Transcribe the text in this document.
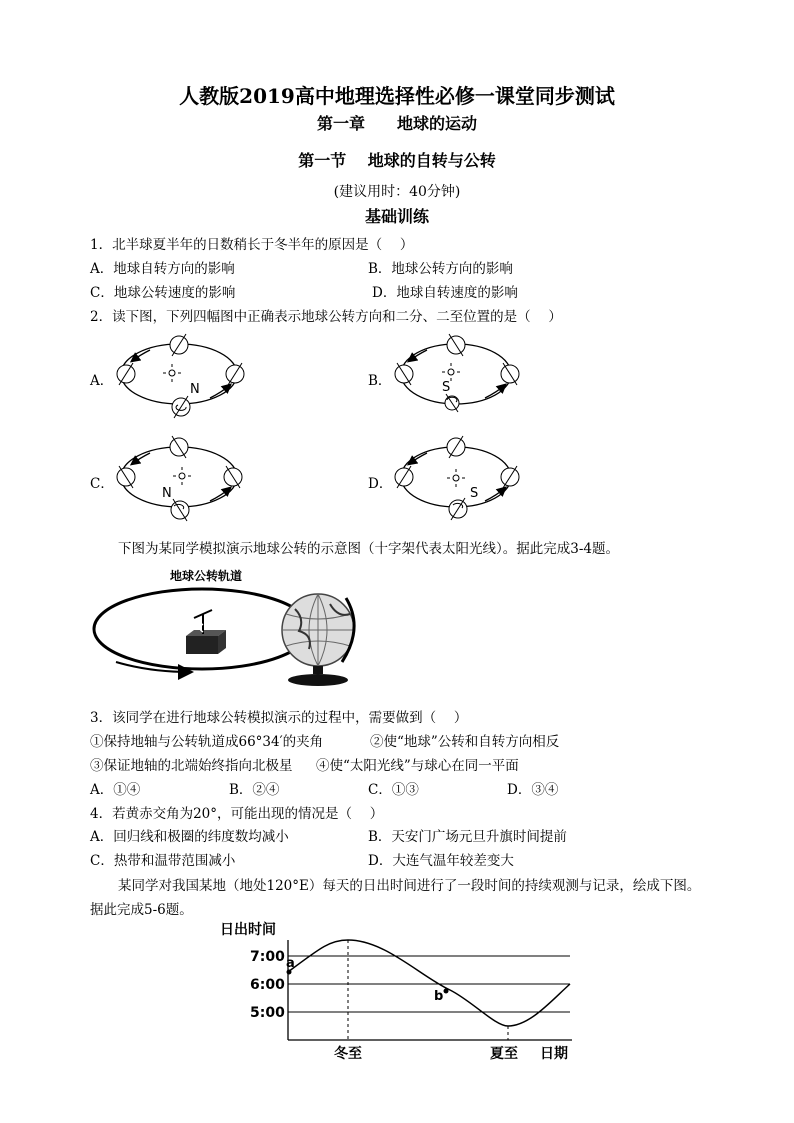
人教版2019高中地理选择性必修一课堂同步测试
第一章　　地球的运动
第一节　 地球的自转与公转
(建议用时：40分钟)
基础训练
1．北半球夏半年的日数稍长于冬半年的原因是（　 ）
A．地球自转方向的影响	B．地球公转方向的影响
C．地球公转速度的影响	D．地球自转速度的影响
2．读下图，下列四幅图中正确表示地球公转方向和二分、二至位置的是（　 ）
A．	B．
C．	D．
N	S
N	S
下图为某同学模拟演示地球公转的示意图（十字架代表太阳光线）。据此完成3-4题。
地球公转轨道
3．该同学在进行地球公转模拟演示的过程中，需要做到（　 ）
①保持地轴与公转轨道成66°34′的夹角	②使“地球”公转和自转方向相反
③保证地轴的北端始终指向北极星 ④使“太阳光线”与球心在同一平面
A．①④	B．②④	C．①③	D．③④
4．若黄赤交角为20°，可能出现的情况是（　 ）
A．回归线和极圈的纬度数均减小	B．天安门广场元旦升旗时间提前
C．热带和温带范围减小	D．大连气温年较差变大
某同学对我国某地（地处120°E）每天的日出时间进行了一段时间的持续观测与记录，绘成下图。
据此完成5-6题。
日出时间
7:00
6:00
5:00
a
b
冬至	夏至 日期
